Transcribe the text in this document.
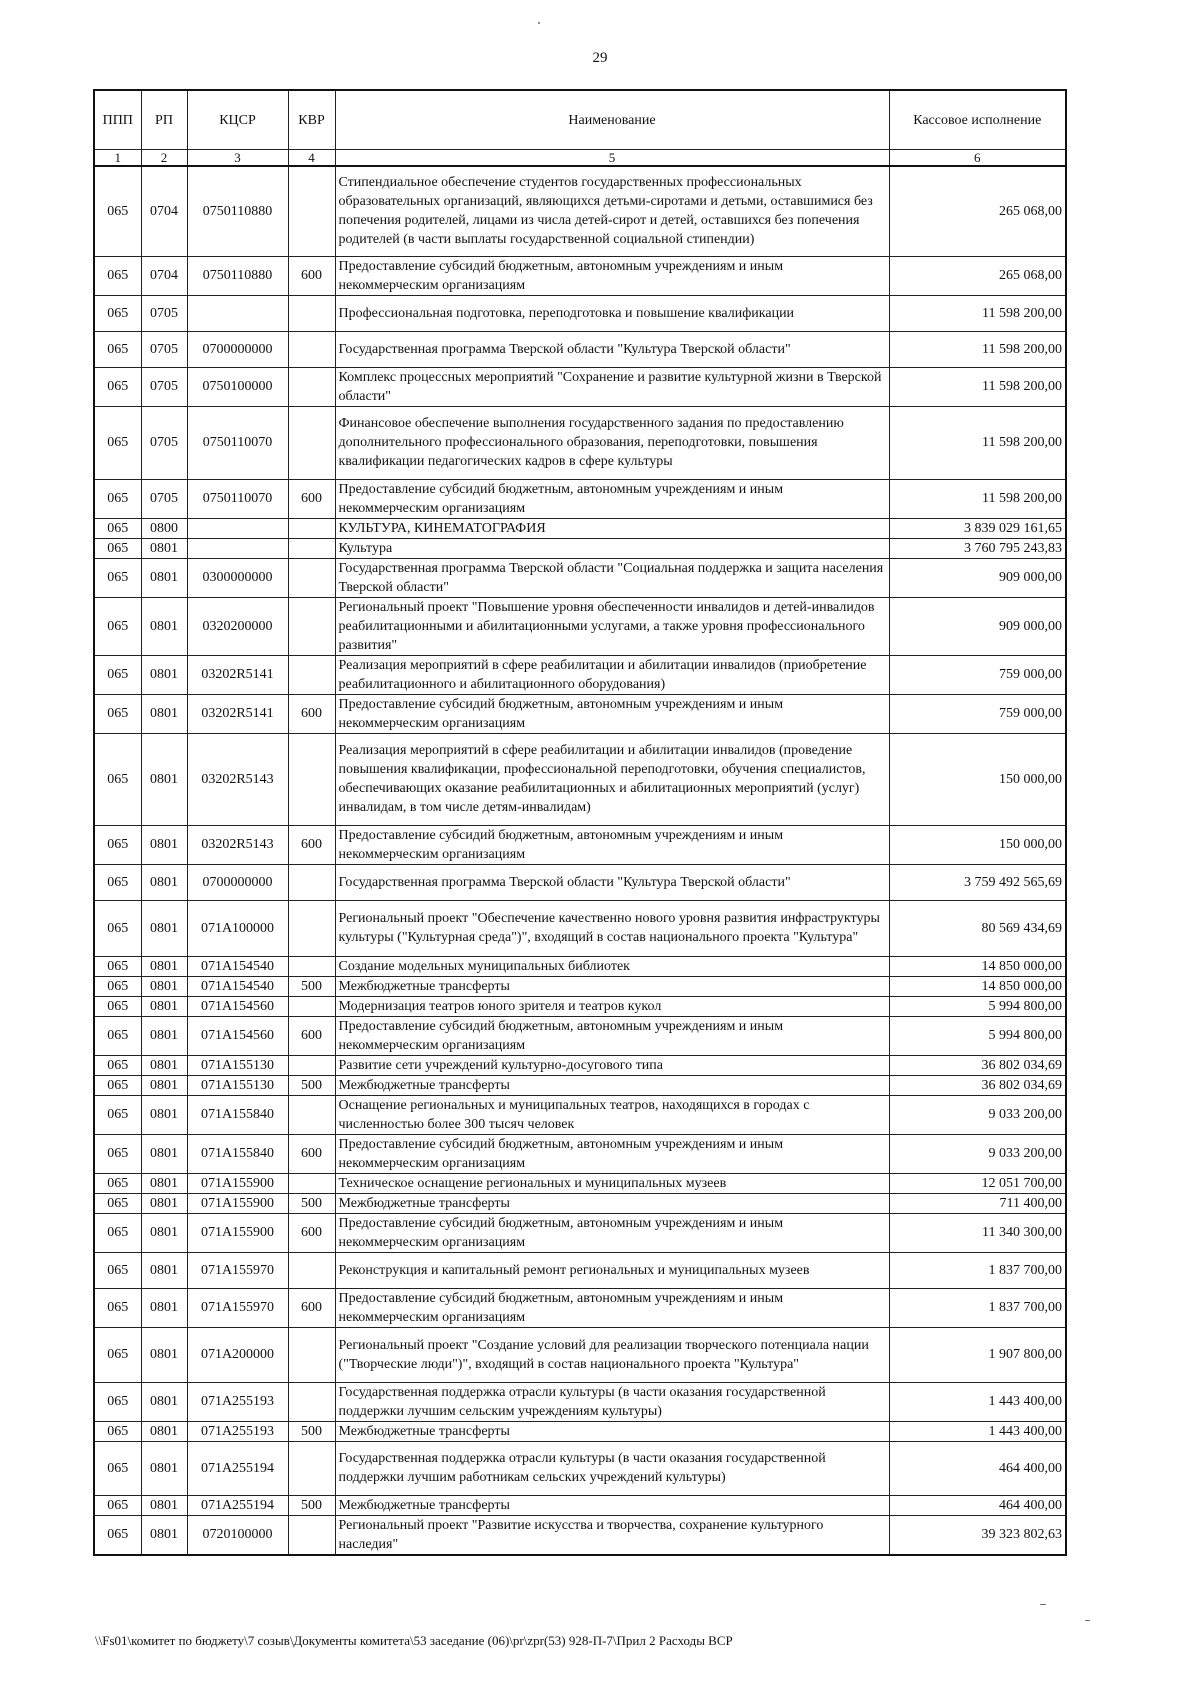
29
ППП	РП	КЦСР	КВР	Наименование	Кассовое исполнение
1	2	3	4	5	6
065	0704	0750110880		Стипендиальное обеспечение студентов государственных профессиональных образовательных организаций, являющихся детьми-сиротами и детьми, оставшимися без попечения родителей, лицами из числа детей-сирот и детей, оставшихся без попечения родителей (в части выплаты государственной социальной стипендии)	265 068,00
065	0704	0750110880	600	Предоставление субсидий бюджетным, автономным учреждениям и иным некоммерческим организациям	265 068,00
065	0705			Профессиональная подготовка, переподготовка и повышение квалификации	11 598 200,00
065	0705	0700000000		Государственная программа Тверской области "Культура Тверской области"	11 598 200,00
065	0705	0750100000		Комплекс процессных мероприятий "Сохранение и развитие культурной жизни в Тверской области"	11 598 200,00
065	0705	0750110070		Финансовое обеспечение выполнения государственного задания по предоставлению дополнительного профессионального образования, переподготовки, повышения квалификации педагогических кадров в сфере культуры	11 598 200,00
065	0705	0750110070	600	Предоставление субсидий бюджетным, автономным учреждениям и иным некоммерческим организациям	11 598 200,00
065	0800			КУЛЬТУРА, КИНЕМАТОГРАФИЯ	3 839 029 161,65
065	0801			Культура	3 760 795 243,83
065	0801	0300000000		Государственная программа Тверской области "Социальная поддержка и защита населения Тверской области"	909 000,00
065	0801	0320200000		Региональный проект "Повышение уровня обеспеченности инвалидов и детей-инвалидов реабилитационными и абилитационными услугами, а также уровня профессионального развития"	909 000,00
065	0801	03202R5141		Реализация мероприятий в сфере реабилитации и абилитации инвалидов (приобретение реабилитационного и абилитационного оборудования)	759 000,00
065	0801	03202R5141	600	Предоставление субсидий бюджетным, автономным учреждениям и иным некоммерческим организациям	759 000,00
065	0801	03202R5143		Реализация мероприятий в сфере реабилитации и абилитации инвалидов (проведение повышения квалификации, профессиональной переподготовки, обучения специалистов, обеспечивающих оказание реабилитационных и абилитационных мероприятий (услуг) инвалидам, в том числе детям-инвалидам)	150 000,00
065	0801	03202R5143	600	Предоставление субсидий бюджетным, автономным учреждениям и иным некоммерческим организациям	150 000,00
065	0801	0700000000		Государственная программа Тверской области "Культура Тверской области"	3 759 492 565,69
065	0801	071A100000		Региональный проект "Обеспечение качественно нового уровня развития инфраструктуры культуры ("Культурная среда")", входящий в состав национального проекта "Культура"	80 569 434,69
065	0801	071A154540		Создание модельных муниципальных библиотек	14 850 000,00
065	0801	071A154540	500	Межбюджетные трансферты	14 850 000,00
065	0801	071A154560		Модернизация театров юного зрителя и театров кукол	5 994 800,00
065	0801	071A154560	600	Предоставление субсидий бюджетным, автономным учреждениям и иным некоммерческим организациям	5 994 800,00
065	0801	071A155130		Развитие сети учреждений культурно-досугового типа	36 802 034,69
065	0801	071A155130	500	Межбюджетные трансферты	36 802 034,69
065	0801	071A155840		Оснащение региональных и муниципальных театров, находящихся в городах с численностью более 300 тысяч человек	9 033 200,00
065	0801	071A155840	600	Предоставление субсидий бюджетным, автономным учреждениям и иным некоммерческим организациям	9 033 200,00
065	0801	071A155900		Техническое оснащение региональных и муниципальных музеев	12 051 700,00
065	0801	071A155900	500	Межбюджетные трансферты	711 400,00
065	0801	071A155900	600	Предоставление субсидий бюджетным, автономным учреждениям и иным некоммерческим организациям	11 340 300,00
065	0801	071A155970		Реконструкция и капитальный ремонт региональных и муниципальных музеев	1 837 700,00
065	0801	071A155970	600	Предоставление субсидий бюджетным, автономным учреждениям и иным некоммерческим организациям	1 837 700,00
065	0801	071A200000		Региональный проект "Создание условий для реализации творческого потенциала нации ("Творческие люди")", входящий в состав национального проекта "Культура"	1 907 800,00
065	0801	071A255193		Государственная поддержка отрасли культуры (в части оказания государственной поддержки лучшим сельским учреждениям культуры)	1 443 400,00
065	0801	071A255193	500	Межбюджетные трансферты	1 443 400,00
065	0801	071A255194		Государственная поддержка отрасли культуры (в части оказания государственной поддержки лучшим работникам сельских учреждений культуры)	464 400,00
065	0801	071A255194	500	Межбюджетные трансферты	464 400,00
065	0801	0720100000		Региональный проект "Развитие искусства и творчества, сохранение культурного наследия"	39 323 802,63
\\Fs01\комитет по бюджету\7 созыв\Документы комитета\53 заседание (06)\pr\zpr(53) 928-П-7\Прил 2 Расходы ВСР
